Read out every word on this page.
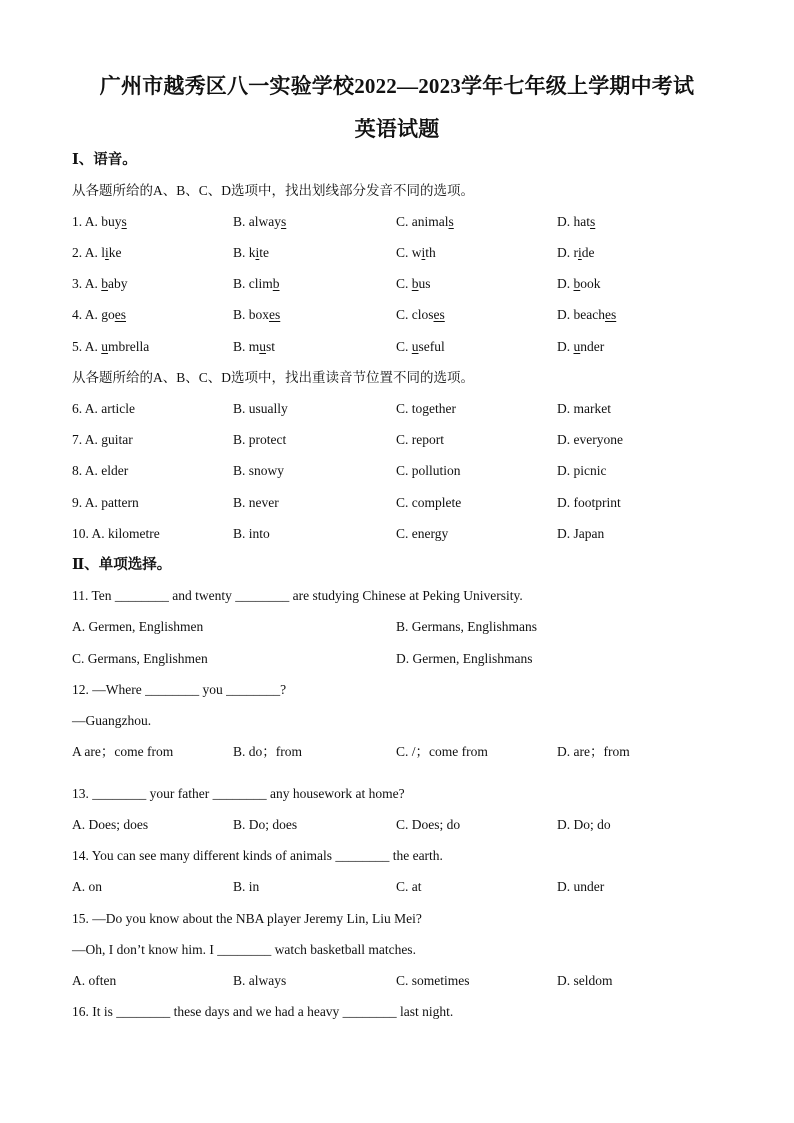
广州市越秀区八一实验学校2022—2023学年七年级上学期中考试
英语试题
Ⅰ、语音。
从各题所给的A、B、C、D选项中，找出划线部分发音不同的选项。
1. A. buys	B. always	C. animals	D. hats
2. A. like	B. kite	C. with	D. ride
3. A. baby	B. climb	C. bus	D. book
4. A. goes	B. boxes	C. closes	D. beaches
5. A. umbrella	B. must	C. useful	D. under
从各题所给的A、B、C、D选项中，找出重读音节位置不同的选项。
6. A. article	B. usually	C. together	D. market
7. A. guitar	B. protect	C. report	D. everyone
8. A. elder	B. snowy	C. pollution	D. picnic
9. A. pattern	B. never	C. complete	D. footprint
10. A. kilometre	B. into	C. energy	D. Japan
Ⅱ、单项选择。
11. Ten ________ and twenty ________ are studying Chinese at Peking University.
A. Germen, Englishmen	B. Germans, Englishmans
C. Germans, Englishmen	D. Germen, Englishmans
12. —Where ________ you ________?
—Guangzhou.
A are；come from	B. do；from	C. /；come from	D. are；from
13. ________ your father ________ any housework at home?
A. Does; does	B. Do; does	C. Does; do	D. Do; do
14. You can see many different kinds of animals ________ the earth.
A. on	B. in	C. at	D. under
15. —Do you know about the NBA player Jeremy Lin, Liu Mei?
—Oh, I don’t know him. I ________ watch basketball matches.
A. often	B. always	C. sometimes	D. seldom
16. It is ________ these days and we had a heavy ________ last night.
